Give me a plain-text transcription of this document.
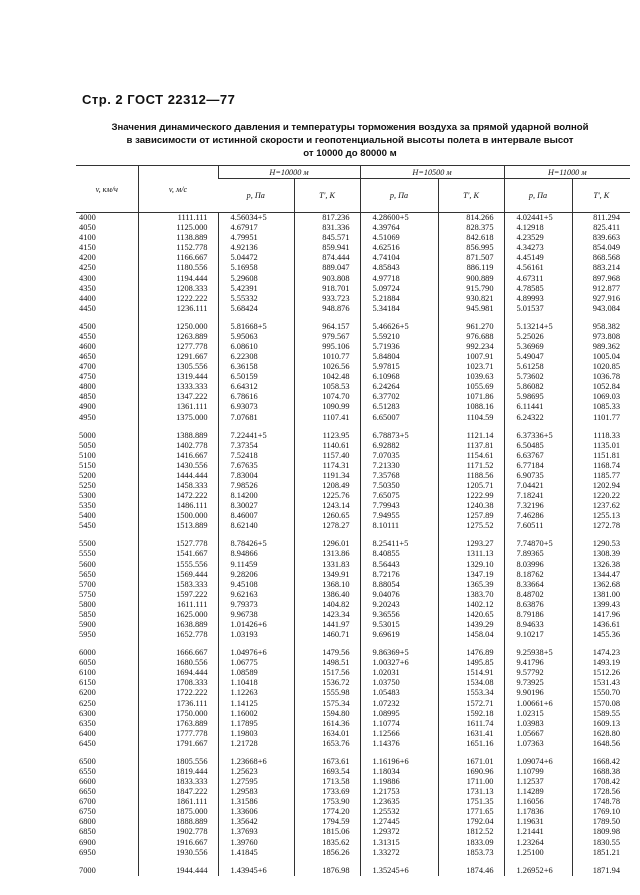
Стр. 2 ГОСТ 22312—77
Значения динамического давления и температуры торможения воздуха за прямой ударной волной
в зависимости от истинной скорости и геопотенциальной высоты полета в интервале высот
от 10000 до 80000 м
v, км/ч	v, м/с	H=10000 м		H=10500 м		H=11000 м	
		p, Па	T', К	p, Па	T', К	p, Па	T', К
4000	1111.111	4.56034+5	817.236	4.28600+5	814.266	4.02441+5	811.294
4050	1125.000	4.67917	831.336	4.39764	828.375	4.12918	825.411
4100	1138.889	4.79951	845.571	4.51069	842.618	4.23529	839.663
4150	1152.778	4.92136	859.941	4.62516	856.995	4.34273	854.049
4200	1166.667	5.04472	874.444	4.74104	871.507	4.45149	868.568
4250	1180.556	5.16958	889.047	4.85843	886.119	4.56161	883.214
4300	1194.444	5.29608	903.808	4.97718	900.889	4.67311	897.968
4350	1208.333	5.42391	918.701	5.09724	915.790	4.78585	912.877
4400	1222.222	5.55332	933.723	5.21884	930.821	4.89993	927.916
4450	1236.111	5.68424	948.876	5.34184	945.981	5.01537	943.084
4500	1250.000	5.81668+5	964.157	5.46626+5	961.270	5.13214+5	958.382
4550	1263.889	5.95063	979.567	5.59210	976.688	5.25026	973.808
4600	1277.778	6.08610	995.106	5.71936	992.234	5.36969	989.362
4650	1291.667	6.22308	1010.77	5.84804	1007.91	5.49047	1005.04
4700	1305.556	6.36158	1026.56	5.97815	1023.71	5.61258	1020.85
4750	1319.444	6.50159	1042.48	6.10968	1039.63	5.73602	1036.78
4800	1333.333	6.64312	1058.53	6.24264	1055.69	5.86082	1052.84
4850	1347.222	6.78616	1074.70	6.37702	1071.86	5.98695	1069.03
4900	1361.111	6.93073	1090.99	6.51283	1088.16	6.11441	1085.33
4950	1375.000	7.07681	1107.41	6.65007	1104.59	6.24322	1101.77
5000	1388.889	7.22441+5	1123.95	6.78873+5	1121.14	6.37336+5	1118.33
5050	1402.778	7.37354	1140.61	6.92882	1137.81	6.50485	1135.01
5100	1416.667	7.52418	1157.40	7.07035	1154.61	6.63767	1151.81
5150	1430.556	7.67635	1174.31	7.21330	1171.52	6.77184	1168.74
5200	1444.444	7.83004	1191.34	7.35768	1188.56	6.90735	1185.77
5250	1458.333	7.98526	1208.49	7.50350	1205.71	7.04421	1202.94
5300	1472.222	8.14200	1225.76	7.65075	1222.99	7.18241	1220.22
5350	1486.111	8.30027	1243.14	7.79943	1240.38	7.32196	1237.62
5400	1500.000	8.46007	1260.65	7.94955	1257.89	7.46286	1255.13
5450	1513.889	8.62140	1278.27	8.10111	1275.52	7.60511	1272.78
5500	1527.778	8.78426+5	1296.01	8.25411+5	1293.27	7.74870+5	1290.53
5550	1541.667	8.94866	1313.86	8.40855	1311.13	7.89365	1308.39
5600	1555.556	9.11459	1331.83	8.56443	1329.10	8.03996	1326.38
5650	1569.444	9.28206	1349.91	8.72176	1347.19	8.18762	1344.47
5700	1583.333	9.45108	1368.10	8.88054	1365.39	8.33664	1362.68
5750	1597.222	9.62163	1386.40	9.04076	1383.70	8.48702	1381.00
5800	1611.111	9.79373	1404.82	9.20243	1402.12	8.63876	1399.43
5850	1625.000	9.96738	1423.34	9.36556	1420.65	8.79186	1417.96
5900	1638.889	1.01426+6	1441.97	9.53015	1439.29	8.94633	1436.61
5950	1652.778	1.03193	1460.71	9.69619	1458.04	9.10217	1455.36
6000	1666.667	1.04976+6	1479.56	9.86369+5	1476.89	9.25938+5	1474.23
6050	1680.556	1.06775	1498.51	1.00327+6	1495.85	9.41796	1493.19
6100	1694.444	1.08589	1517.56	1.02031	1514.91	9.57792	1512.26
6150	1708.333	1.10418	1536.72	1.03750	1534.08	9.73925	1531.43
6200	1722.222	1.12263	1555.98	1.05483	1553.34	9.90196	1550.70
6250	1736.111	1.14125	1575.34	1.07232	1572.71	1.00661+6	1570.08
6300	1750.000	1.16002	1594.80	1.08995	1592.18	1.02315	1589.55
6350	1763.889	1.17895	1614.36	1.10774	1611.74	1.03983	1609.13
6400	1777.778	1.19803	1634.01	1.12566	1631.41	1.05667	1628.80
6450	1791.667	1.21728	1653.76	1.14376	1651.16	1.07363	1648.56
6500	1805.556	1.23668+6	1673.61	1.16196+6	1671.01	1.09074+6	1668.42
6550	1819.444	1.25623	1693.54	1.18034	1690.96	1.10799	1688.38
6600	1833.333	1.27595	1713.58	1.19886	1711.00	1.12537	1708.42
6650	1847.222	1.29583	1733.69	1.21753	1731.13	1.14289	1728.56
6700	1861.111	1.31586	1753.90	1.23635	1751.35	1.16056	1748.78
6750	1875.000	1.33606	1774.20	1.25532	1771.65	1.17836	1769.10
6800	1888.889	1.35642	1794.59	1.27445	1792.04	1.19631	1789.50
6850	1902.778	1.37693	1815.06	1.29372	1812.52	1.21441	1809.98
6900	1916.667	1.39760	1835.62	1.31315	1833.09	1.23264	1830.55
6950	1930.556	1.41845	1856.26	1.33272	1853.73	1.25100	1851.21
7000	1944.444	1.43945+6	1876.98	1.35245+6	1874.46	1.26952+6	1871.94
